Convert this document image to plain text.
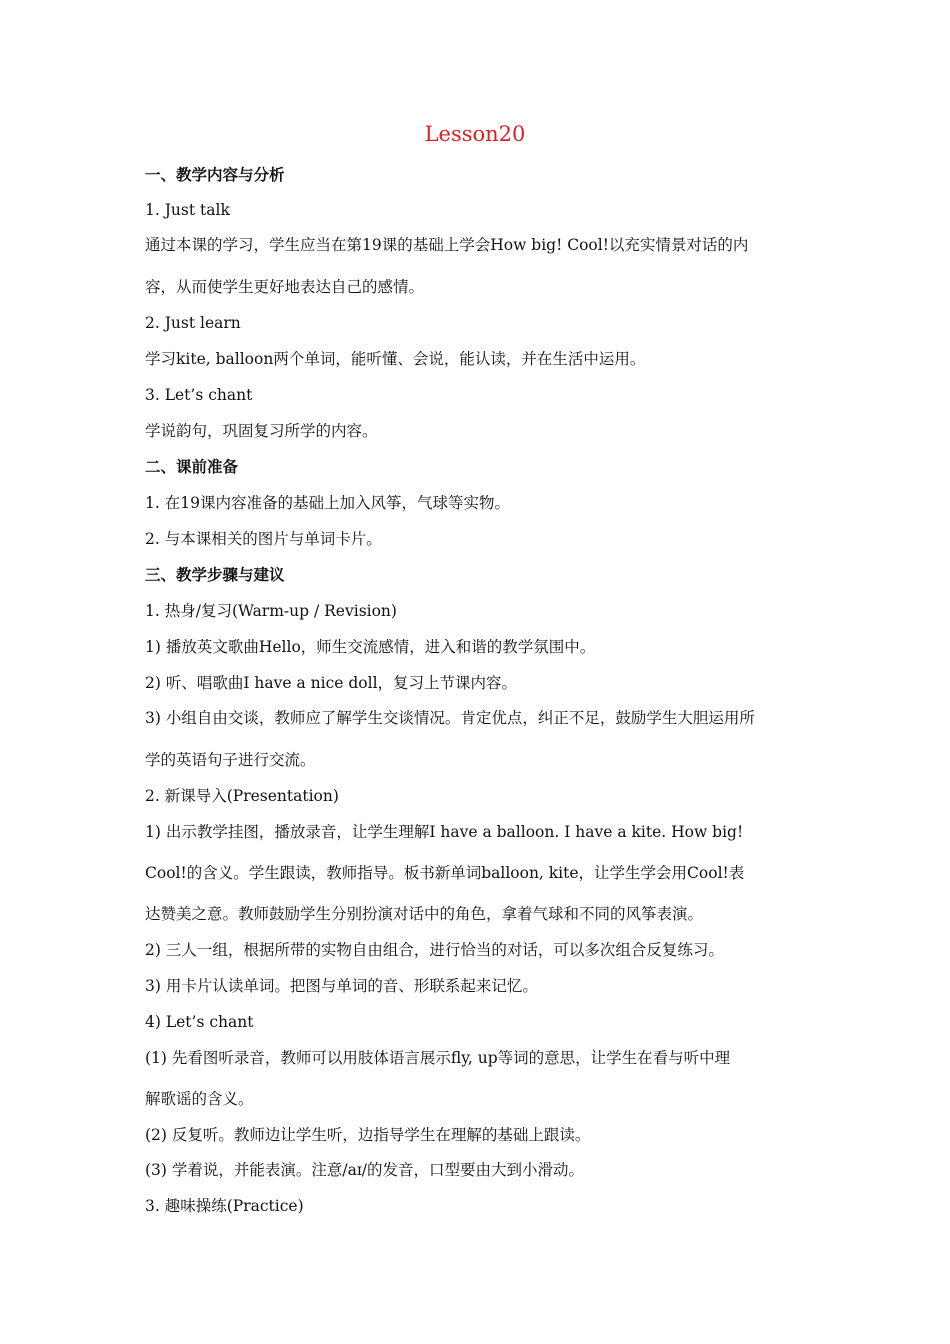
Lesson20
一、教学内容与分析
1. Just talk
通过本课的学习，学生应当在第19课的基础上学会How big! Cool!以充实情景对话的内
容，从而使学生更好地表达自己的感情。
2. Just learn
学习kite, balloon两个单词，能听懂、会说，能认读，并在生活中运用。
3. Let’s chant
学说韵句，巩固复习所学的内容。
二、课前准备
1. 在19课内容准备的基础上加入风筝，气球等实物。
2. 与本课相关的图片与单词卡片。
三、教学步骤与建议
1. 热身/复习(Warm-up / Revision)
1) 播放英文歌曲Hello，师生交流感情，进入和谐的教学氛围中。
2) 听、唱歌曲I have a nice doll，复习上节课内容。
3) 小组自由交谈，教师应了解学生交谈情况。肯定优点，纠正不足，鼓励学生大胆运用所
学的英语句子进行交流。
2. 新课导入(Presentation)
1) 出示教学挂图，播放录音，让学生理解I have a balloon. I have a kite. How big!
Cool!的含义。学生跟读，教师指导。板书新单词balloon, kite，让学生学会用Cool!表
达赞美之意。教师鼓励学生分别扮演对话中的角色，拿着气球和不同的风筝表演。
2) 三人一组，根据所带的实物自由组合，进行恰当的对话，可以多次组合反复练习。
3) 用卡片认读单词。把图与单词的音、形联系起来记忆。
4) Let’s chant
(1) 先看图听录音，教师可以用肢体语言展示fly, up等词的意思，让学生在看与听中理
解歌谣的含义。
(2) 反复听。教师边让学生听，边指导学生在理解的基础上跟读。
(3) 学着说，并能表演。注意/aɪ/的发音，口型要由大到小滑动。
3. 趣味操练(Practice)
